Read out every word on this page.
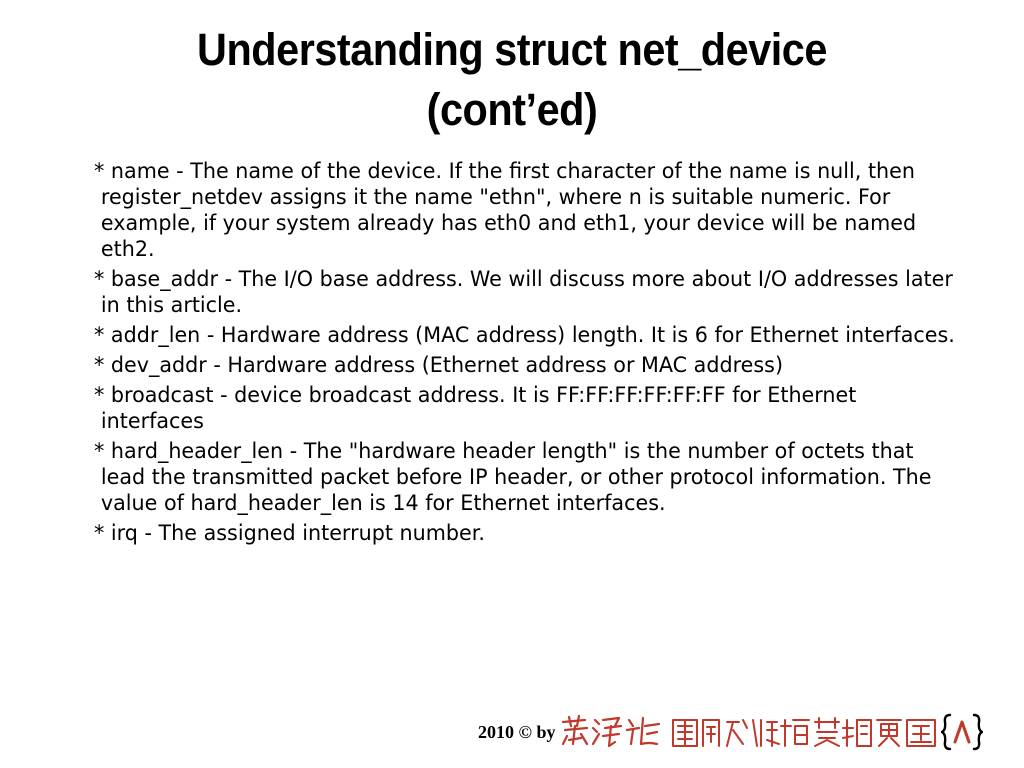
Understanding struct net_device
(cont’ed)

* name - The name of the device. If the first character of the name is null, then register_netdev assigns it the name "ethn", where n is suitable numeric. For example, if your system already has eth0 and eth1, your device will be named eth2.

* base_addr - The I/O base address. We will discuss more about I/O addresses later in this article.

* addr_len - Hardware address (MAC address) length. It is 6 for Ethernet interfaces.

* dev_addr - Hardware address (Ethernet address or MAC address)

* broadcast - device broadcast address. It is FF:FF:FF:FF:FF:FF for Ethernet interfaces

* hard_header_len - The "hardware header length" is the number of octets that lead the transmitted packet before IP header, or other protocol information. The value of hard_header_len is 14 for Ethernet interfaces.

* irq - The assigned interrupt number.

2010 © by
